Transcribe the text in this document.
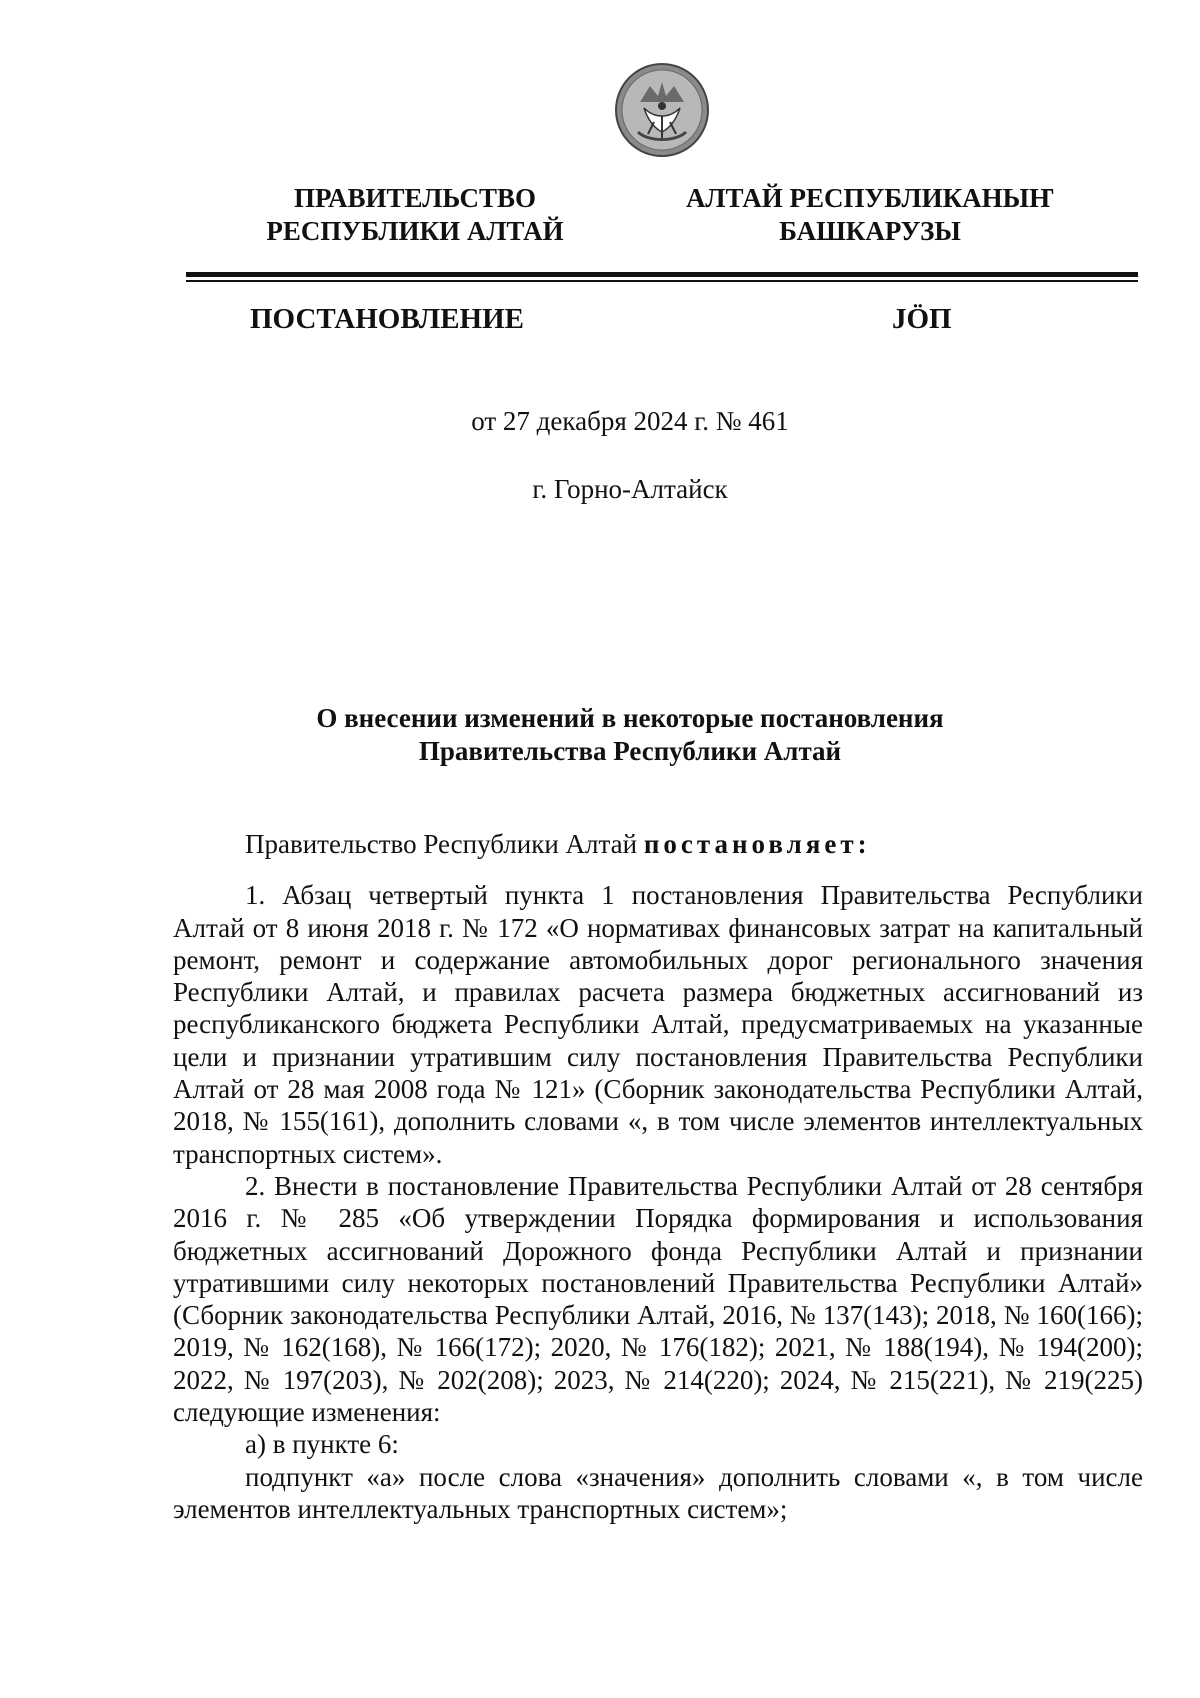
ПРАВИТЕЛЬСТВО
РЕСПУБЛИКИ АЛТАЙ
АЛТАЙ РЕСПУБЛИКАНЫҤ
БАШКАРУЗЫ
ПОСТАНОВЛЕНИЕ	JÖП
от 27 декабря 2024 г. № 461
г. Горно-Алтайск
О внесении изменений в некоторые постановления
Правительства Республики Алтай

Правительство Республики Алтай постановляет:

1. Абзац четвертый пункта 1 постановления Правительства Республики Алтай от 8 июня 2018 г. № 172 «О нормативах финансовых затрат на капитальный ремонт, ремонт и содержание автомобильных дорог регионального значения Республики Алтай, и правилах расчета размера бюджетных ассигнований из республиканского бюджета Республики Алтай, предусматриваемых на указанные цели и признании утратившим силу постановления Правительства Республики Алтай от 28 мая 2008 года № 121» (Сборник законодательства Республики Алтай, 2018, № 155(161), дополнить словами «, в том числе элементов интеллектуальных транспортных систем».

2. Внести в постановление Правительства Республики Алтай от 28 сентября 2016 г. № 285 «Об утверждении Порядка формирования и использования бюджетных ассигнований Дорожного фонда Республики Алтай и признании утратившими силу некоторых постановлений Правительства Республики Алтай» (Сборник законодательства Республики Алтай, 2016, № 137(143); 2018, № 160(166); 2019, № 162(168), № 166(172); 2020, № 176(182); 2021, № 188(194), № 194(200); 2022, № 197(203), № 202(208); 2023, № 214(220); 2024, № 215(221), № 219(225) следующие изменения:

а) в пункте 6:

подпункт «а» после слова «значения» дополнить словами «, в том числе элементов интеллектуальных транспортных систем»;
